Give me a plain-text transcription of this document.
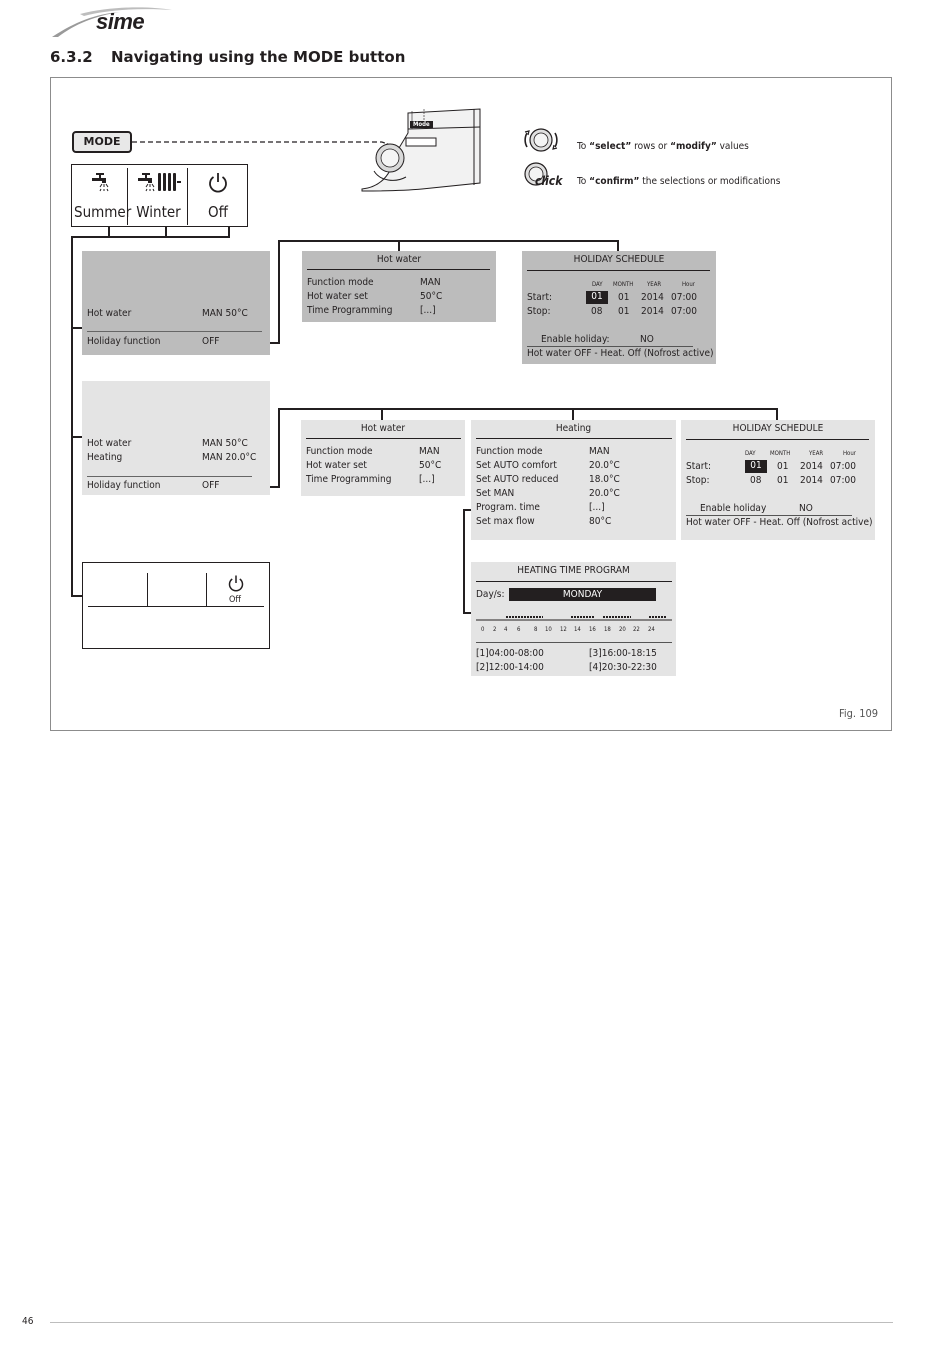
sime
6.3.2 Navigating using the MODE button
MODE
Mode
To “select” rows or “modify” values
click To “confirm” the selections or modifications
Summer Winter	Off
Hot water	MAN 50°C
Holiday function	OFF
Hot water
Function mode	MAN
Hot water set	50°C
Time Programming	[...]
HOLIDAY SCHEDULE
DAY MONTH YEAR	Hour
Start:	01	01 2014 07:00
Stop:	08 01 2014 07:00
Enable holiday:	NO
Hot water OFF - Heat. Off (Nofrost active)
Hot water	MAN 50°C
Heating	MAN 20.0°C
Holiday function	OFF
Hot water
Function mode	MAN
Hot water set	50°C
Time Programming	[...]
Heating
Function mode	MAN
Set AUTO comfort	20.0°C
Set AUTO reduced	18.0°C
Set MAN	20.0°C
Program. time	[...]
Set max flow	80°C
HOLIDAY SCHEDULE
DAY MONTH	YEAR	Hour
Start:	01	01 2014 07:00
Stop:	08 01 2014 07:00
Enable holiday	NO
Hot water OFF - Heat. Off (Nofrost active)
HEATING TIME PROGRAM
Day/s:	MONDAY
0 2 4 6 8 10 12 14 16 18 20 22 24
[1]04:00-08:00	[3]16:00-18:15
[2]12:00-14:00	[4]20:30-22:30
Off
Fig. 109
46
